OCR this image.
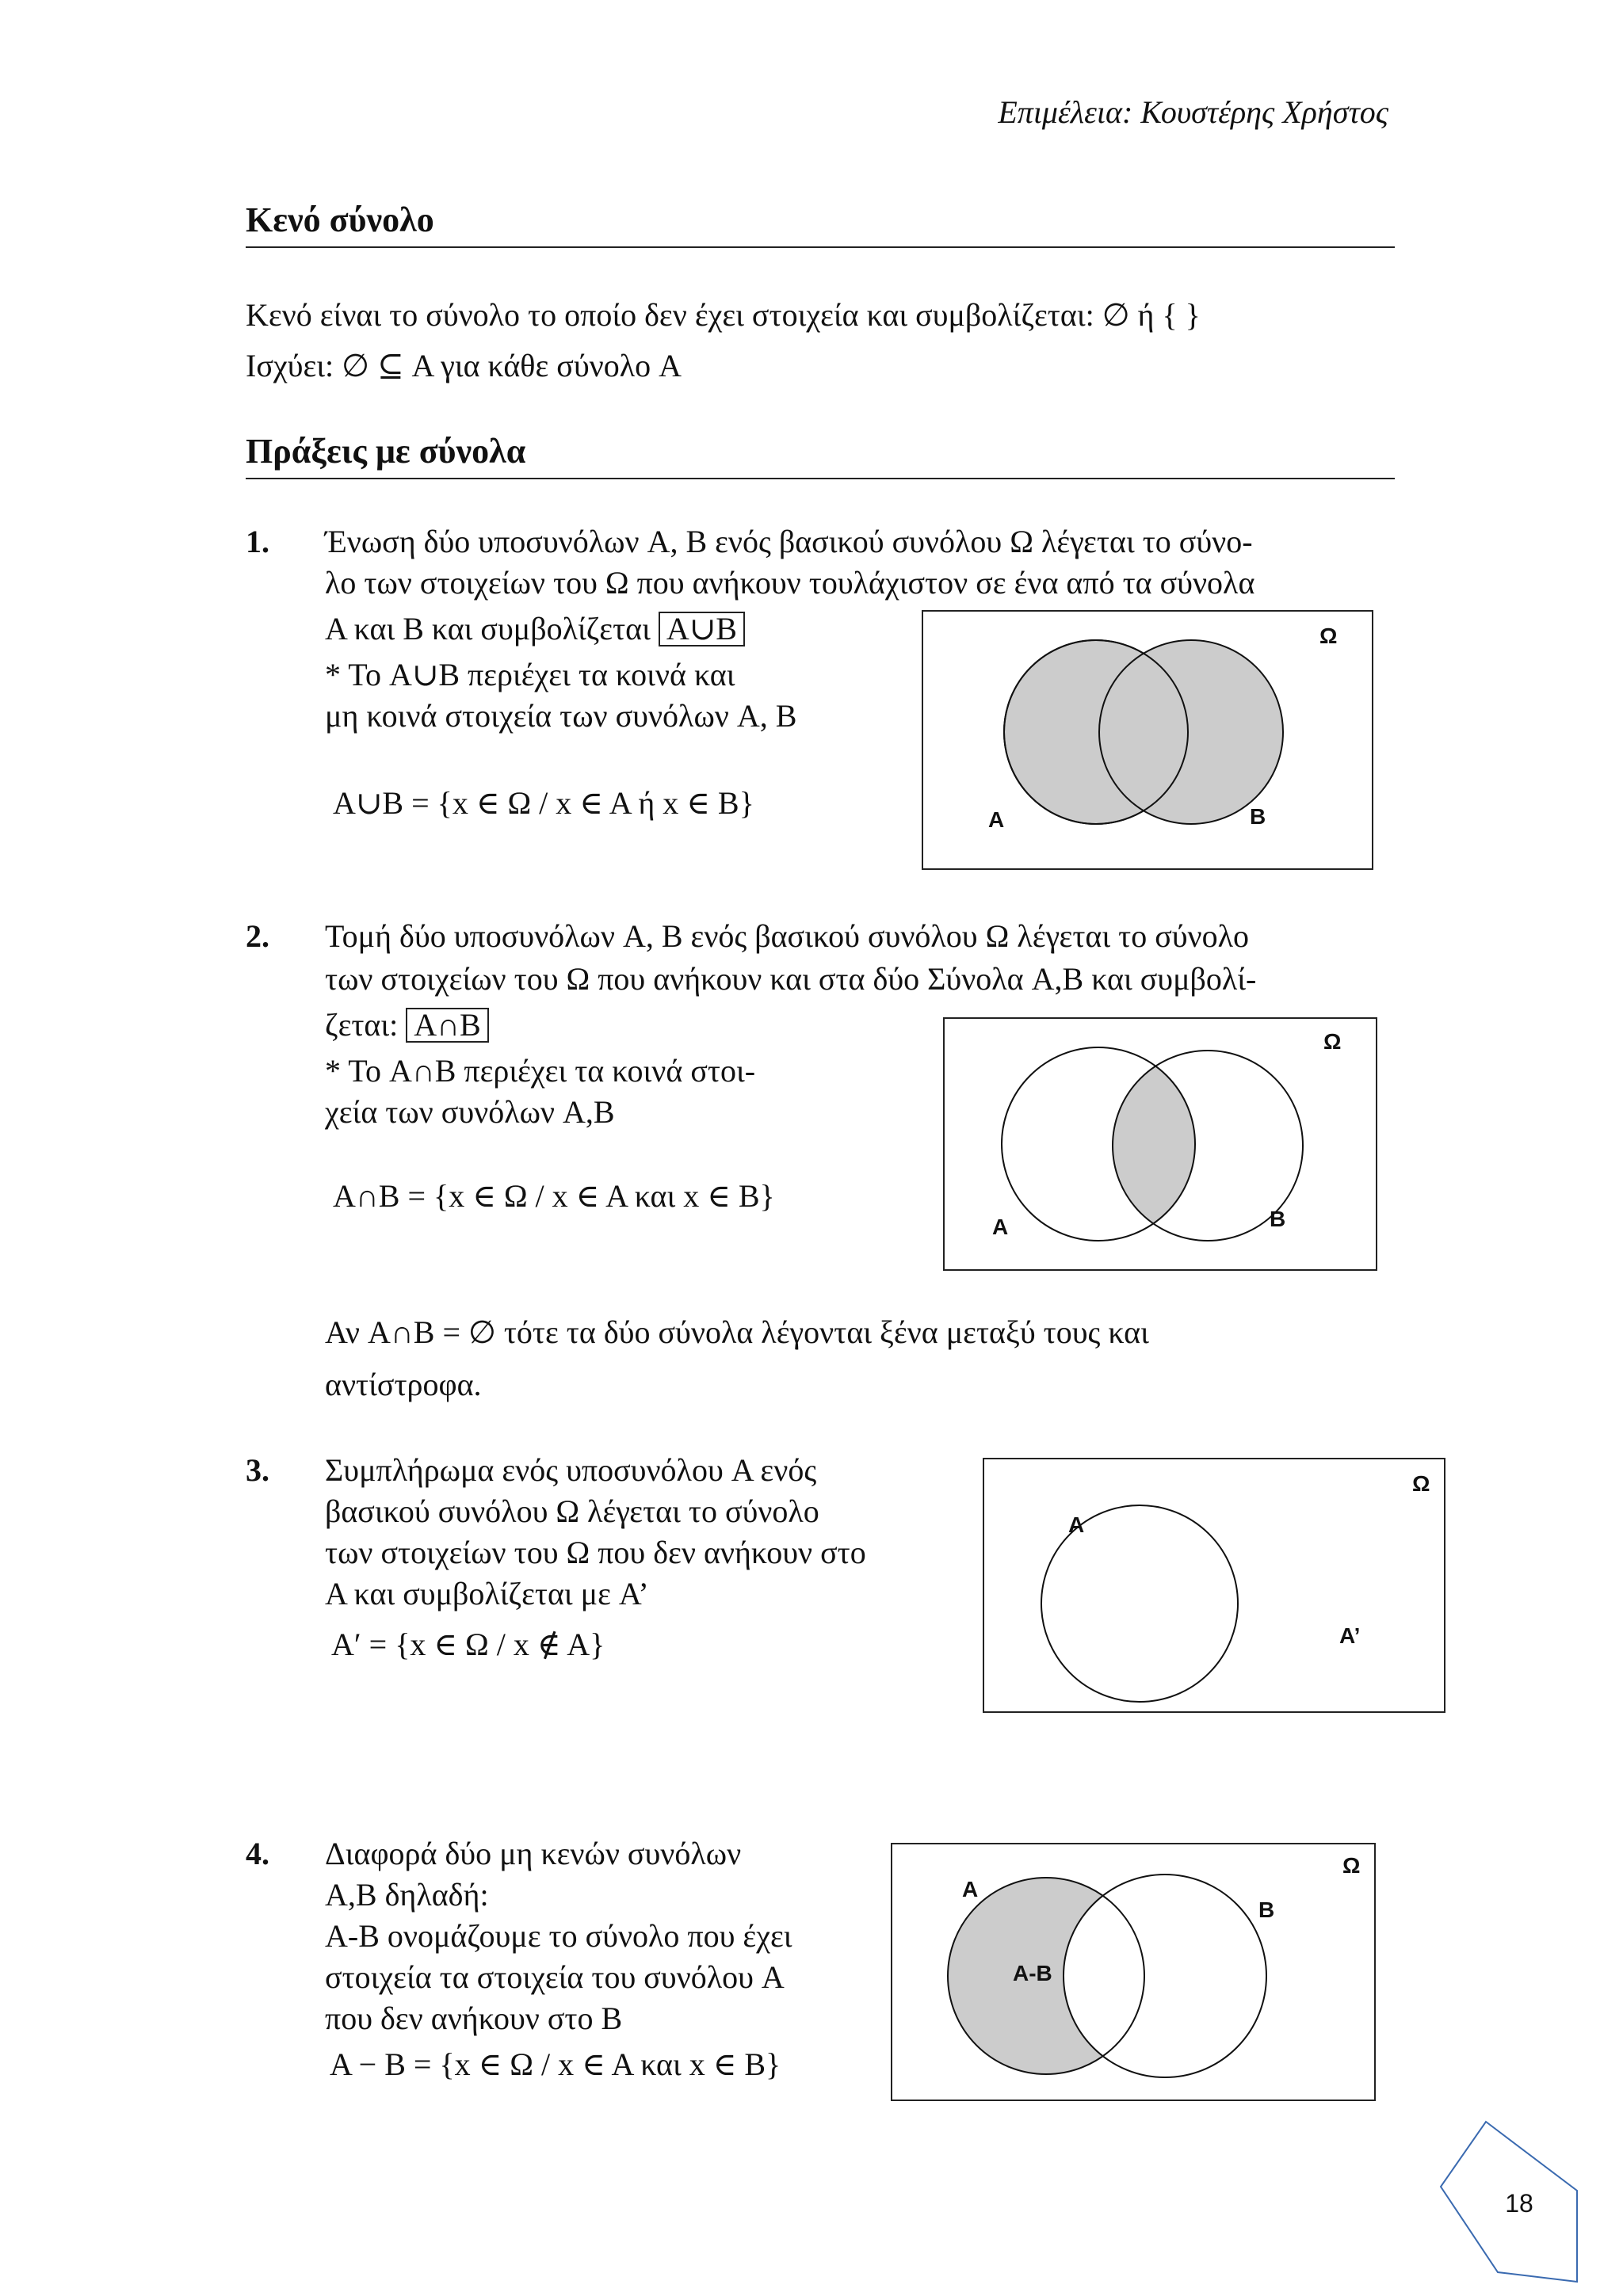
Επιμέλεια: Κουστέρης Χρήστος
Κενό σύνολο
Κενό είναι το σύνολο το οποίο δεν έχει στοιχεία και συμβολίζεται: ∅ ή { }
Ισχύει: ∅ ⊆ A για κάθε σύνολο A
Πράξεις με σύνολα
1. Ένωση δύο υποσυνόλων A, B ενός βασικού συνόλου Ω λέγεται το σύνο-
λο των στοιχείων του Ω που ανήκουν τουλάχιστον σε ένα από τα σύνολα
A και B και συμβολίζεται A∪B
* Το A∪B περιέχει τα κοινά και
μη κοινά στοιχεία των συνόλων A, B
A∪B = {x ∈ Ω / x ∈ A ή x ∈ B}
Ω
A	B
2. Τομή δύο υποσυνόλων A, B ενός βασικού συνόλου Ω λέγεται το σύνολο
των στοιχείων του Ω που ανήκουν και στα δύο Σύνολα A,B και συμβολί-
ζεται: A∩B
* Το A∩B περιέχει τα κοινά στοι-
χεία των συνόλων A,B
A∩B = {x ∈ Ω / x ∈ A και x ∈ B}
Αν A∩B = ∅ τότε τα δύο σύνολα λέγονται ξένα μεταξύ τους και
αντίστροφα.
Ω
A	B
3. Συμπλήρωμα ενός υποσυνόλου A ενός
βασικού συνόλου Ω λέγεται το σύνολο
των στοιχείων του Ω που δεν ανήκουν στο
A και συμβολίζεται με A’
A′ = {x ∈ Ω / x ∉ A}
Ω
A
A’
4. Διαφορά δύο μη κενών συνόλων
A,B δηλαδή:
A-B ονομάζουμε το σύνολο που έχει
στοιχεία τα στοιχεία του συνόλου A
που δεν ανήκουν στο B
A − B = {x ∈ Ω / x ∈ A και x ∈ B}
Ω
A
B
A-B
18
